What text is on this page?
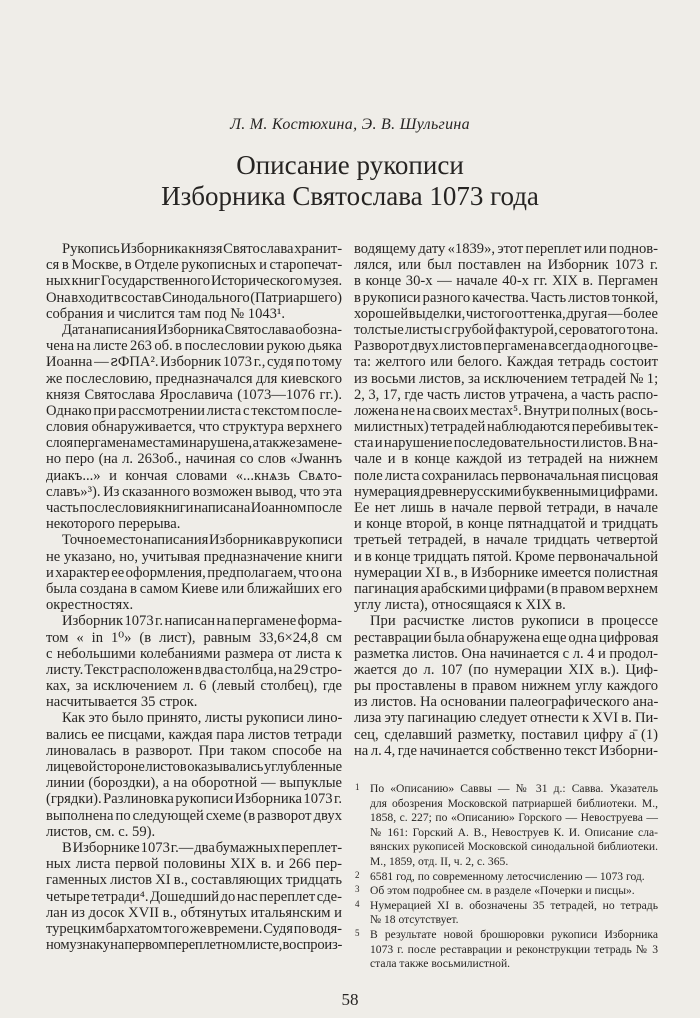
Л. М. Костюхина, Э. В. Шульгина
Описание рукописи
Изборника Святослава 1073 года
Рукопись Изборника князя Святослава хранит-
ся в Москве, в Отделе рукописных и старопечат-
ных книг Государственного Исторического музея.
Она входит в состав Синодального (Патриаршего)
собрания и числится там под № 1043¹.
Дата написания Изборника Святослава обозна-
чена на листе 263 об. в послесловии рукою дьяка
Иоанна — ꙅФПА². Изборник 1073 г., судя по тому
же послесловию, предназначался для киевского
князя Святослава Ярославича (1073—1076 гг.).
Однако при рассмотрении листа с текстом после-
словия обнаруживается, что структура верхнего
слоя пергамена местами нарушена, а также замене-
но перо (на л. 263об., начиная со слов «Јѡаннъ
диакъ...» и кончая словами «...кнѧзь Свѧто-
славъ»³). Из сказанного возможен вывод, что эта
часть послесловия книги написана Иоанном после
некоторого перерыва.
Точное место написания Изборника в рукописи
не указано, но, учитывая предназначение книги
и характер ее оформления, предполагаем, что она
была создана в самом Киеве или ближайших его
окрестностях.
Изборник 1073 г. написан на пергамене форма-
том « in 1⁰» (в лист), равным 33,6×24,8 см
с небольшими колебаниями размера от листа к
листу. Текст расположен в два столбца, на 29 стро-
ках, за исключением л. 6 (левый столбец), где
насчитывается 35 строк.
Как это было принято, листы рукописи лино-
вались ее писцами, каждая пара листов тетради
линовалась в разворот. При таком способе на
лицевой стороне листов оказывались углубленные
линии (бороздки), а на оборотной — выпуклые
(грядки). Разлиновка рукописи Изборника 1073 г.
выполнена по следующей схеме (в разворот двух
листов, см. с. 59).
В Изборнике 1073 г.— два бумажных переплет-
ных листа первой половины XIX в. и 266 пер-
гаменных листов XI в., составляющих тридцать
четыре тетради⁴. Дошедший до нас переплет сде-
лан из досок XVII в., обтянутых итальянским и
турецким бархатом того же времени. Судя по водя-
ному знаку на первом переплетном листе, воспроиз-
водящему дату «1839», этот переплет или поднов-
лялся, или был поставлен на Изборник 1073 г.
в конце 30-х — начале 40-х гг. XIX в. Пергамен
в рукописи разного качества. Часть листов тонкой,
хорошей выделки, чистого оттенка, другая — более
толстые листы с грубой фактурой, сероватого тона.
Разворот двух листов пергамена всегда одного цве-
та: желтого или белого. Каждая тетрадь состоит
из восьми листов, за исключением тетрадей № 1;
2, 3, 17, где часть листов утрачена, а часть распо-
ложена не на своих местах⁵. Внутри полных (вось-
милистных) тетрадей наблюдаются перебивы тек-
ста и нарушение последовательности листов. В на-
чале и в конце каждой из тетрадей на нижнем
поле листа сохранилась первоначальная писцовая
нумерация древнерусскими буквенными цифрами.
Ее нет лишь в начале первой тетради, в начале
и конце второй, в конце пятнадцатой и тридцать
третьей тетрадей, в начале тридцать четвертой
и в конце тридцать пятой. Кроме первоначальной
нумерации XI в., в Изборнике имеется полистная
пагинация арабскими цифрами (в правом верхнем
углу листа), относящаяся к XIX в.
При расчистке листов рукописи в процессе
реставрации была обнаружена еще одна цифровая
разметка листов. Она начинается с л. 4 и продол-
жается до л. 107 (по нумерации XIX в.). Циф-
ры проставлены в правом нижнем углу каждого
из листов. На основании палеографического ана-
лиза эту пагинацию следует отнести к XVI в. Пи-
сец, сделавший разметку, поставил цифру а̄ (1)
на л. 4, где начинается собственно текст Изборни-
1 По «Описанию» Саввы — № 31 д.: Савва. Указатель
для обозрения Московской патриаршей библиотеки. М.,
1858, с. 227; по «Описанию» Горского — Невоструева —
№ 161: Горский А. В., Невоструев К. И. Описание сла-
вянских рукописей Московской синодальной библиотеки.
М., 1859, отд. II, ч. 2, с. 365.
2 6581 год, по современному летосчислению — 1073 год.
3 Об этом подробнее см. в разделе «Почерки и писцы».
4 Нумерацией XI в. обозначены 35 тетрадей, но тетрадь
№ 18 отсутствует.
5 В результате новой брошюровки рукописи Изборника
1073 г. после реставрации и реконструкции тетрадь № 3
стала также восьмилистной.
58
